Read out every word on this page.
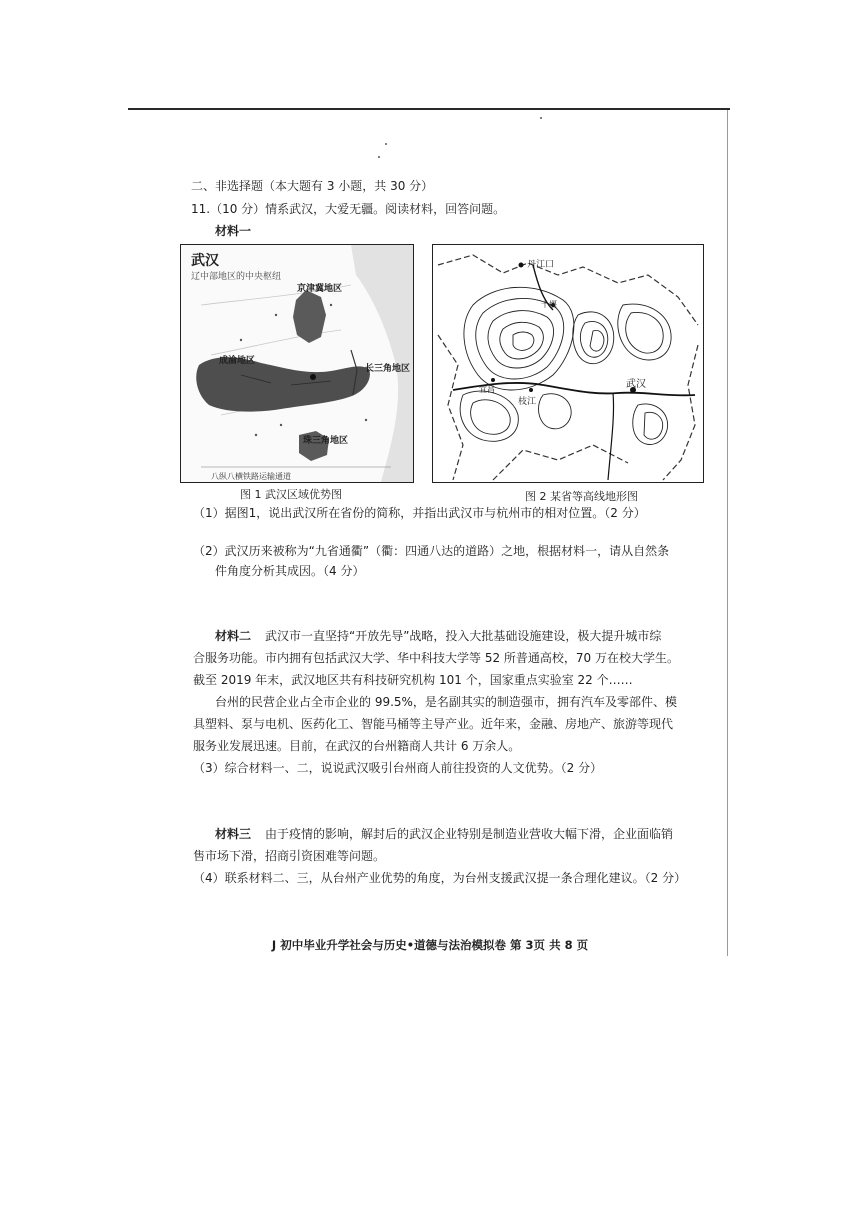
二、非选择题（本大题有 3 小题，共 30 分）
11.（10 分）情系武汉，大爱无疆。阅读材料，回答问题。
材料一
武汉
辽中部地区的中央枢纽
京津冀地区
成渝地区
长三角地区
珠三角地区
八纵八横铁路运输通道
图 1 武汉区域优势图
丹江口
十堰
宜昌
枝江
武汉
图 2 某省等高线地形图
（1）据图1，说出武汉所在省份的简称，并指出武汉市与杭州市的相对位置。（2 分）
（2）武汉历来被称为“九省通衢”（衢：四通八达的道路）之地，根据材料一，请从自然条
件角度分析其成因。（4 分）
材料二 武汉市一直坚持“开放先导”战略，投入大批基础设施建设，极大提升城市综
合服务功能。市内拥有包括武汉大学、华中科技大学等 52 所普通高校，70 万在校大学生。
截至 2019 年末，武汉地区共有科技研究机构 101 个，国家重点实验室 22 个……
台州的民营企业占全市企业的 99.5%，是名副其实的制造强市，拥有汽车及零部件、模
具塑料、泵与电机、医药化工、智能马桶等主导产业。近年来，金融、房地产、旅游等现代
服务业发展迅速。目前，在武汉的台州籍商人共计 6 万余人。
（3）综合材料一、二，说说武汉吸引台州商人前往投资的人文优势。（2 分）
材料三 由于疫情的影响，解封后的武汉企业特别是制造业营收大幅下滑，企业面临销
售市场下滑，招商引资困难等问题。
（4）联系材料二、三，从台州产业优势的角度，为台州支援武汉提一条合理化建议。（2 分）
J 初中毕业升学社会与历史•道德与法治模拟卷 第 3页 共 8 页
